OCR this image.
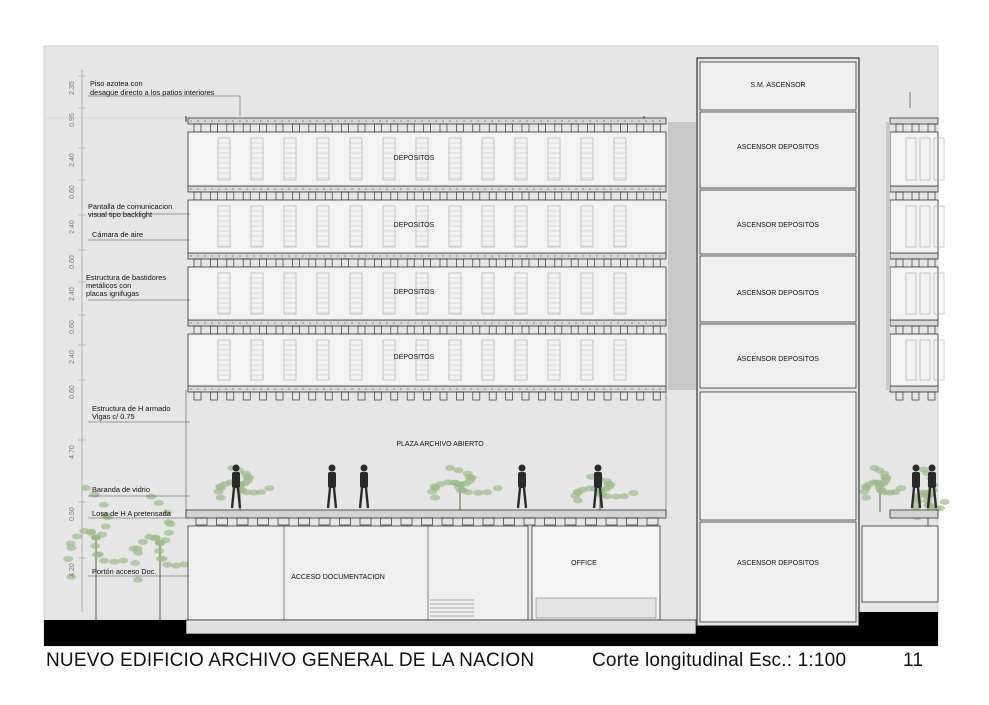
Piso azotea con desague directo a los patios interiores
Pantalla de comunicacion visual tipo backlight
Cámara de aire
Estructura de bastidores metálicos con placas ignifugas
Estructura de H armado Vigas c/ 0.75
Baranda de vidrio
Losa de H A pretensada
Portón acceso Doc.
DEPOSITOS
DEPOSITOS
DEPOSITOS
DEPOSITOS
PLAZA ARCHIVO ABIERTO
ACCESO DOCUMENTACION
OFFICE
S.M. ASCENSOR
ASCENSOR DEPOSITOS
ASCENSOR DEPOSITOS
ASCENSOR DEPOSITOS
ASCENSOR DEPOSITOS
ASCENSOR DEPOSITOS
2.35
0.95
2.40
0.60
2.40
0.60
2.40
0.60
2.40
0.60
4.70
0.50
4.20
NUEVO EDIFICIO ARCHIVO GENERAL DE LA NACION	Corte longitudinal Esc.: 1:100	11
